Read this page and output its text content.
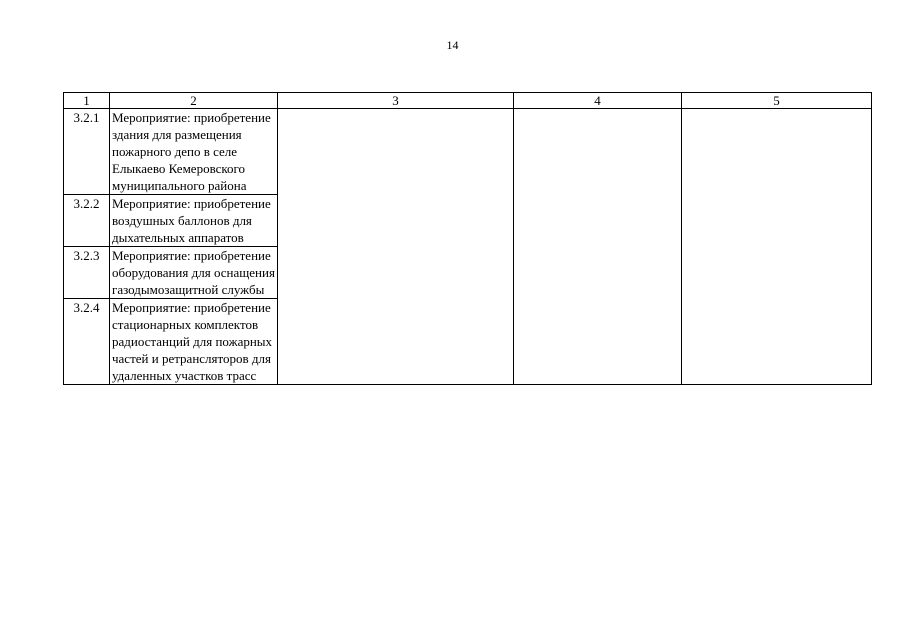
14
1	2	3	4	5
3.2.1	Мероприятие: приобретение здания для размещения пожарного депо в селе Елыкаево Кемеровского муниципального района			
3.2.2	Мероприятие: приобретение воздушных баллонов для дыхательных аппаратов			
3.2.3	Мероприятие: приобретение оборудования для оснащения газодымозащитной службы			
3.2.4	Мероприятие: приобретение стационарных комплектов радиостанций для пожарных частей и ретрансляторов для удаленных участков трасс			
